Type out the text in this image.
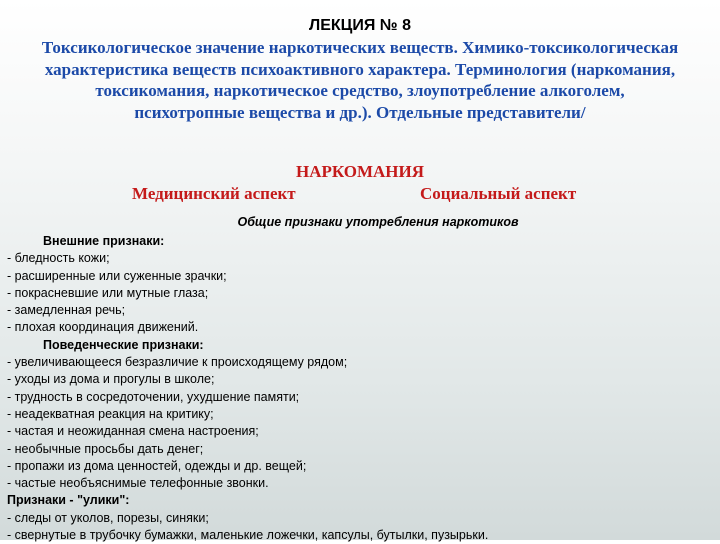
ЛЕКЦИЯ № 8
Токсикологическое значение наркотических веществ. Химико-токсикологическая характеристика веществ психоактивного характера. Терминология (наркомания, токсикомания, наркотическое средство, злоупотребление алкоголем, психотропные вещества и др.). Отдельные представители/
НАРКОМАНИЯ
Медицинский аспект	Социальный аспект
Общие признаки употребления наркотиков
Внешние признаки:
- бледность кожи;
- расширенные или суженные зрачки;
- покрасневшие или мутные глаза;
- замедленная речь;
- плохая координация движений.
Поведенческие признаки:
- увеличивающееся безразличие к происходящему рядом;
- уходы из дома и прогулы в школе;
- трудность в сосредоточении, ухудшение памяти;
- неадекватная реакция на критику;
- частая и неожиданная смена настроения;
- необычные просьбы дать денег;
- пропажи из дома ценностей, одежды и др. вещей;
- частые необъяснимые телефонные звонки.
Признаки - "улики":
- следы от уколов, порезы, синяки;
- свернутые в трубочку бумажки, маленькие ложечки, капсулы, бутылки, пузырьки.
